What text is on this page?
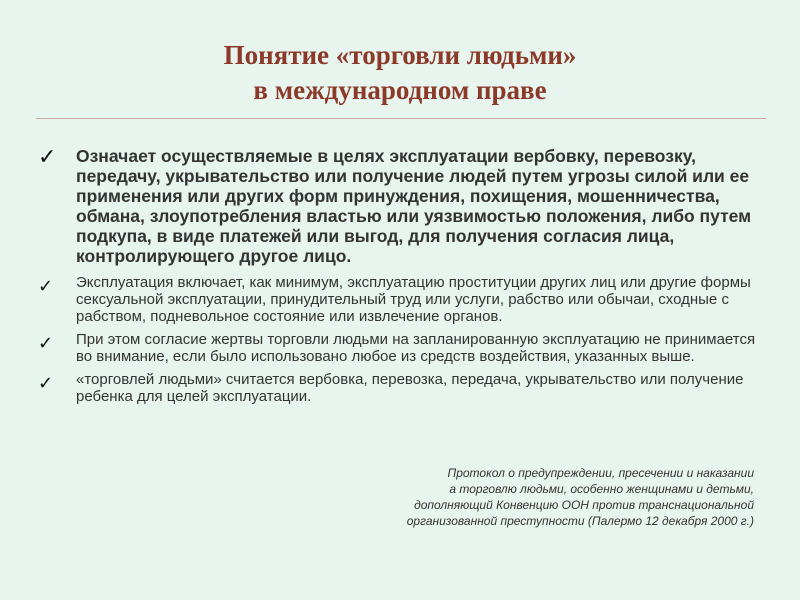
Понятие «торговли людьми»
в международном праве
✓ Означает осуществляемые в целях эксплуатации вербовку, перевозку, передачу, укрывательство или получение людей путем угрозы силой или ее применения или других форм принуждения, похищения, мошенничества, обмана, злоупотребления властью или уязвимостью положения, либо путем подкупа, в виде платежей или выгод, для получения согласия лица, контролирующего другое лицо.
✓ Эксплуатация включает, как минимум, эксплуатацию проституции других лиц или другие формы сексуальной эксплуатации, принудительный труд или услуги, рабство или обычаи, сходные с рабством, подневольное состояние или извлечение органов.
✓ При этом согласие жертвы торговли людьми на запланированную эксплуатацию не принимается во внимание, если было использовано любое из средств воздействия, указанных выше.
✓ «торговлей людьми» считается вербовка, перевозка, передача, укрывательство или получение ребенка для целей эксплуатации.

Протокол о предупреждении, пресечении и наказании
а торговлю людьми, особенно женщинами и детьми,
дополняющий Конвенцию ООН против транснациональной
организованной преступности (Палермо 12 декабря 2000 г.)
